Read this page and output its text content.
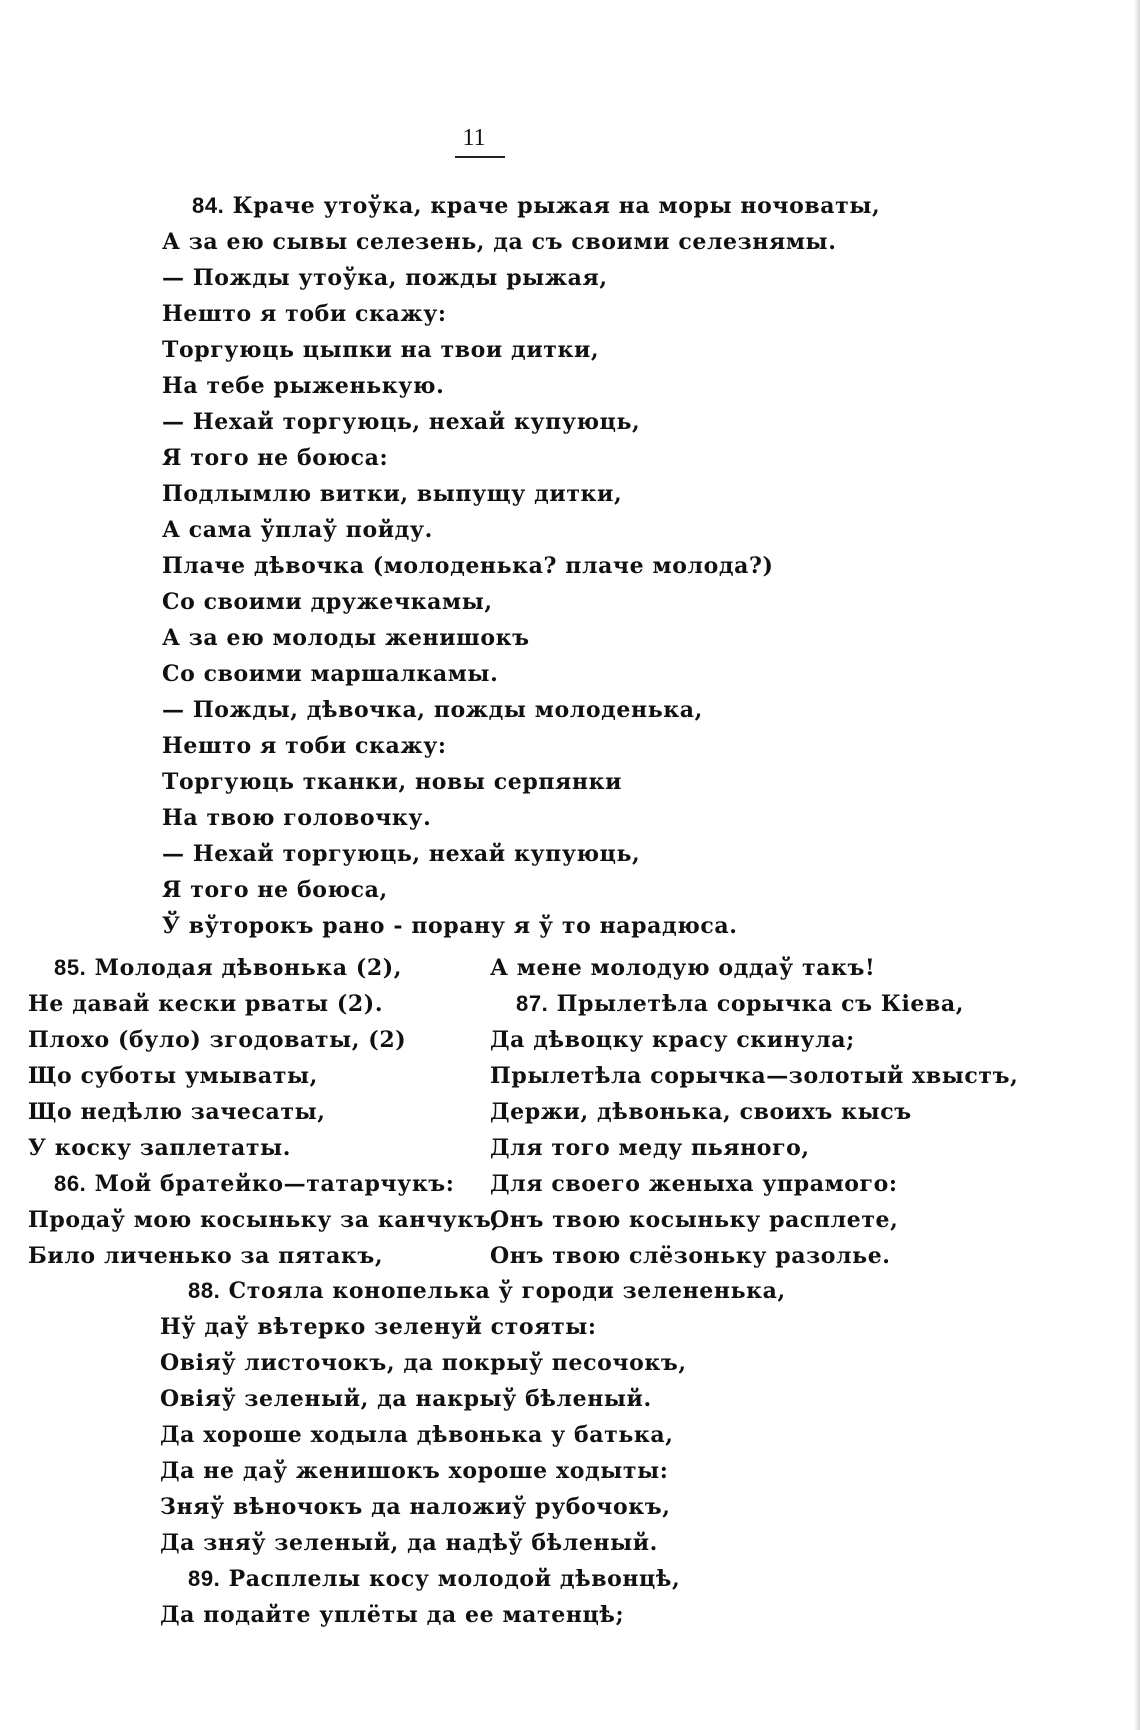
11
84. Краче утоўка, краче рыжая на моры ночоваты,
А за ею сывы селезень, да съ своими селезнямы.
— Пожды утоўка, пожды рыжая,
Нешто я тоби скажу:
Торгуюць цыпки на твои дитки,
На тебе рыженькую.
— Нехай торгуюць, нехай купуюць,
Я того не боюса:
Подлымлю витки, выпущу дитки,
А сама ўплаў пойду.
Плаче дѣвочка (молоденька? плаче молода?)
Со своими дружечкамы,
А за ею молоды женишокъ
Со своими маршалкамы.
— Пожды, дѣвочка, пожды молоденька,
Нешто я тоби скажу:
Торгуюць тканки, новы серпянки
На твою головочку.
— Нехай торгуюць, нехай купуюць,
Я того не боюса,
Ў вўторокъ рано - порану я ў то нарадюса.
85. Молодая дѣвонька (2),
Не давай кески рваты (2).
Плохо (було) згодоваты, (2)
Що суботы умываты,
Що недѣлю зачесаты,
У коску заплетаты.
86. Мой братейко—татарчукъ:
Продаў мою косыньку за канчукъ,
Било личенько за пятакъ,
А мене молодую оддаў такъ!
87. Прылетѣла сорычка съ Кiева,
Да дѣвоцку красу скинула;
Прылетѣла сорычка—золотый хвыстъ,
Держи, дѣвонька, своихъ кысъ
Для того меду пьяного,
Для своего женыха упрамого:
Онъ твою косыньку расплете,
Онъ твою слёзоньку разолье.
88. Стояла конопелька ў городи зелененька,
Нў даў вѣтерко зеленуй стояты:
Овiяў листочокъ, да покрыў песочокъ,
Овiяў зеленый, да накрыў бѣленый.
Да хороше ходыла дѣвонька у батька,
Да не даў женишокъ хороше ходыты:
Зняў вѣночокъ да наложиў рубочокъ,
Да зняў зеленый, да надѣў бѣленый.
89. Расплелы косу молодой дѣвонцѣ,
Да подайте уплёты да ее матенцѣ;
